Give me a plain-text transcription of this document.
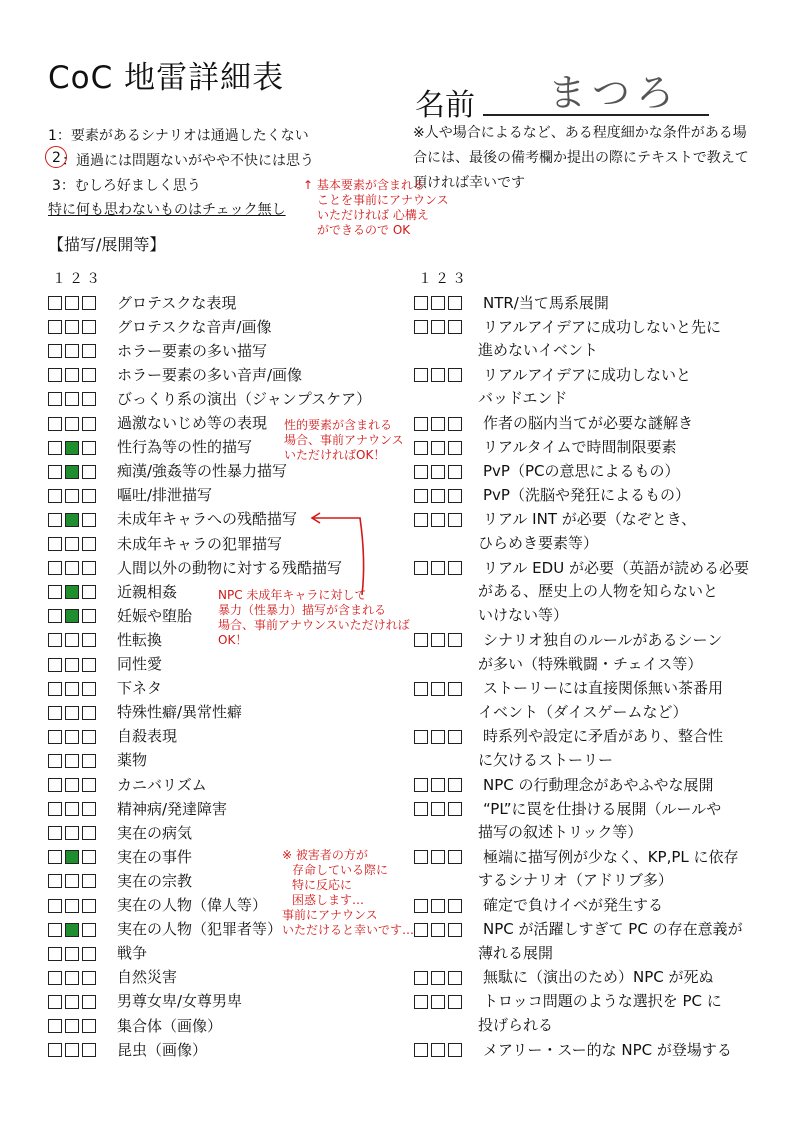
CoC 地雷詳細表
名前 まつろ
1：要素があるシナリオは通過したくない
2 ：通過には問題ないがやや不快には思う
3：むしろ好ましく思う
特に何も思わないものはチェック無し
※人や場合によるなど、ある程度細かな条件がある場合には、最後の備考欄か提出の際にテキストで教えて頂ければ幸いです
【描写/展開等】
１２３	１２３
グロテスクな表現
グロテスクな音声/画像
ホラー要素の多い描写
ホラー要素の多い音声/画像
びっくり系の演出（ジャンプスケア）
過激ないじめ等の表現
性行為等の性的描写
痴漢/強姦等の性暴力描写
嘔吐/排泄描写
未成年キャラへの残酷描写
未成年キャラの犯罪描写
人間以外の動物に対する残酷描写
近親相姦
妊娠や堕胎
性転換
同性愛
下ネタ
特殊性癖/異常性癖
自殺表現
薬物
カニバリズム
精神病/発達障害
実在の病気
実在の事件
実在の宗教
実在の人物（偉人等）
実在の人物（犯罪者等）
戦争
自然災害
男尊女卑/女尊男卑
集合体（画像）
昆虫（画像）
NTR/当て馬系展開
リアルアイデアに成功しないと先に
進めないイベント
リアルアイデアに成功しないと
バッドエンド
作者の脳内当てが必要な謎解き
リアルタイムで時間制限要素
PvP（PCの意思によるもの）
PvP（洗脳や発狂によるもの）
リアル INT が必要（なぞとき、
ひらめき要素等）
リアル EDU が必要（英語が読める必要
がある、歴史上の人物を知らないと
いけない等）
シナリオ独自のルールがあるシーン
が多い（特殊戦闘・チェイス等）
ストーリーには直接関係無い茶番用
イベント（ダイスゲームなど）
時系列や設定に矛盾があり、整合性
に欠けるストーリー
NPC の行動理念があやふやな展開
“PL”に罠を仕掛ける展開（ルールや
描写の叙述トリック等）
極端に描写例が少なく、KP,PL に依存
するシナリオ（アドリブ多）
確定で負けイベが発生する
NPC が活躍しすぎて PC の存在意義が
薄れる展開
無駄に（演出のため）NPC が死ぬ
トロッコ問題のような選択を PC に
投げられる
メアリー・スー的な NPC が登場する
↑ 基本要素が含まれる
ことを事前にアナウンス
いただければ 心構え
ができるので OK
性的要素が含まれる
場合、事前アナウンス
いただければOK！
NPC 未成年キャラに対して
暴力（性暴力）描写が含まれる
場合、事前アナウンスいただければ
OK！
※ 被害者の方が
存命している際に
特に反応に
困惑します…
事前にアナウンス
いただけると幸いです…
